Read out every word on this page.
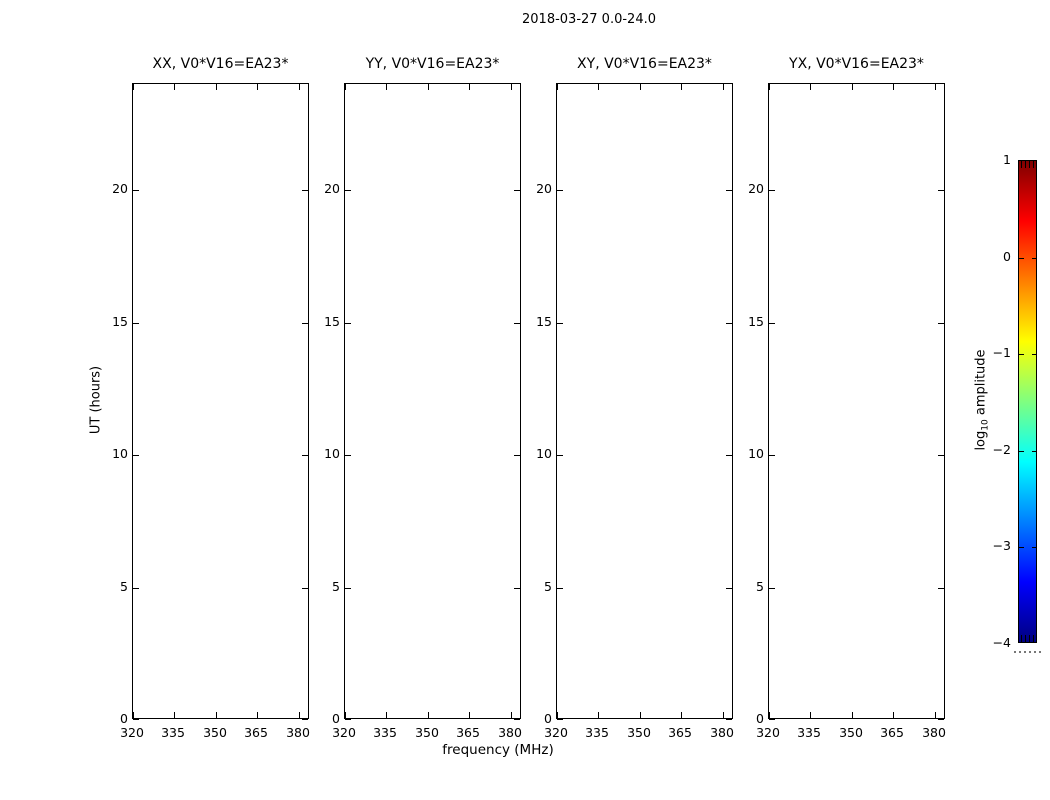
2018-03-27 0.0-24.0
UT (hours)
XX, V0*V16=EA23*
320	335	350	365	380
0
5
10
15
20
YY, V0*V16=EA23*
320	335	350	365	380
0
5
10
15
20
XY, V0*V16=EA23*
320	335	350	365	380
0
5
10
15
20
YX, V0*V16=EA23*
320	335	350	365	380
0
5
10
15
20
frequency (MHz)
$\log_{10}$ amplitude
1
0
−1
−2
−3
−4
